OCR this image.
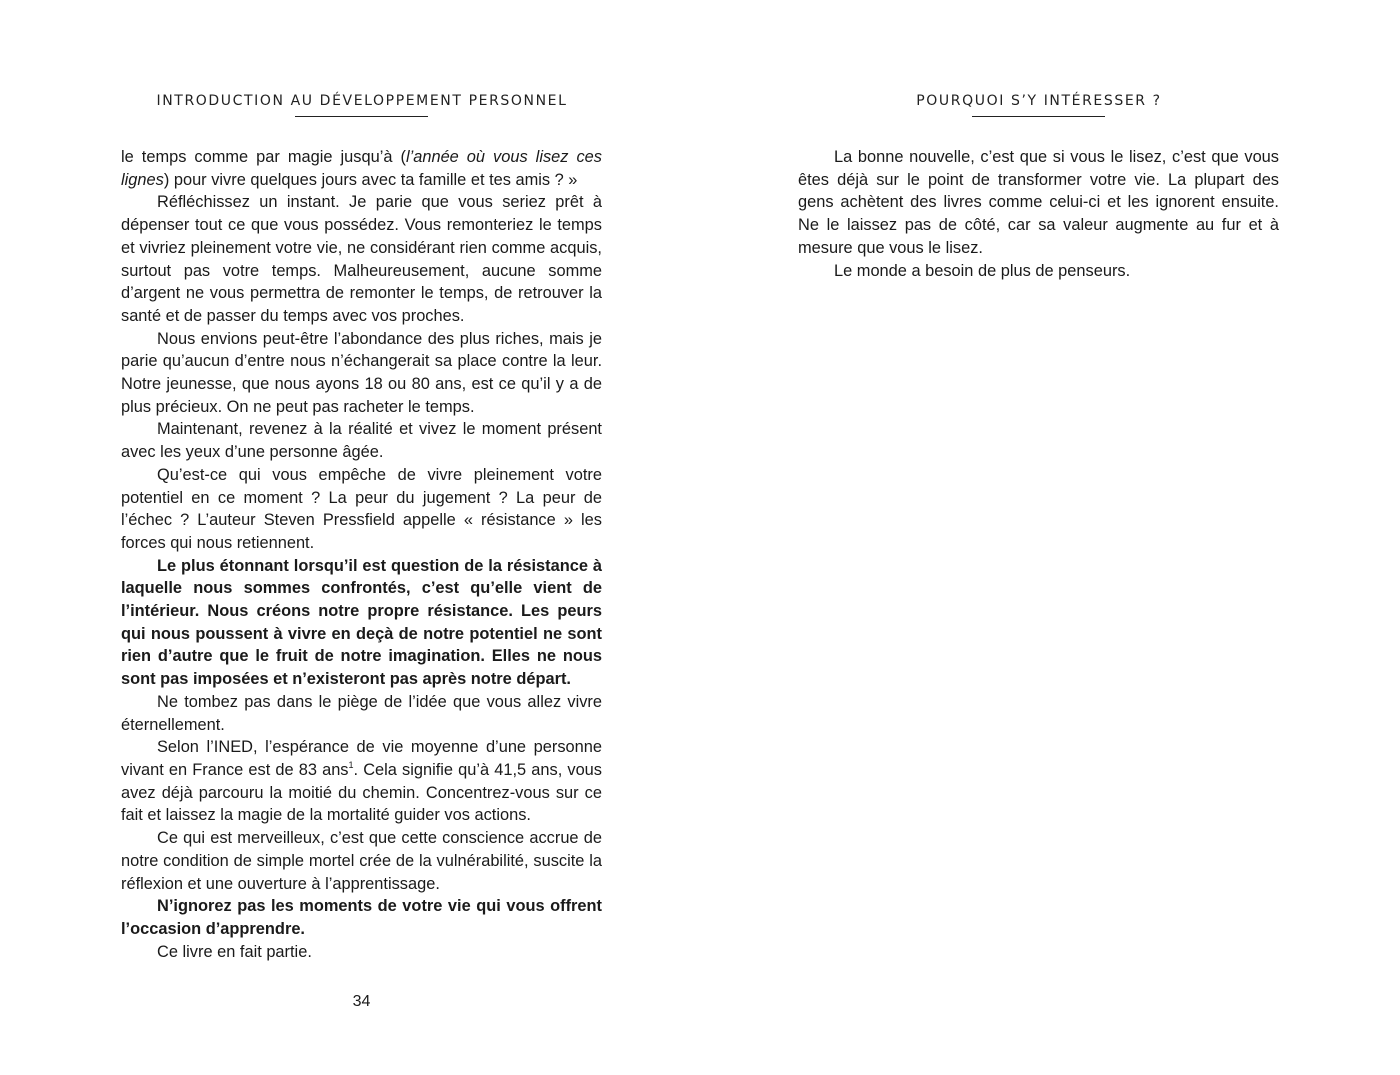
INTRODUCTION AU DÉVELOPPEMENT PERSONNEL

le temps comme par magie jusqu’à (l’année où vous lisez ces lignes) pour vivre quelques jours avec ta famille et tes amis ? »

Réfléchissez un instant. Je parie que vous seriez prêt à dépenser tout ce que vous possédez. Vous remonteriez le temps et vivriez pleinement votre vie, ne considérant rien comme acquis, surtout pas votre temps. Malheureusement, aucune somme d’argent ne vous permettra de remonter le temps, de retrouver la santé et de passer du temps avec vos proches.

Nous envions peut-être l’abondance des plus riches, mais je parie qu’aucun d’entre nous n’échangerait sa place contre la leur. Notre jeunesse, que nous ayons 18 ou 80 ans, est ce qu’il y a de plus précieux. On ne peut pas racheter le temps.

Maintenant, revenez à la réalité et vivez le moment présent avec les yeux d’une personne âgée.

Qu’est-ce qui vous empêche de vivre pleinement votre potentiel en ce moment ? La peur du jugement ? La peur de l’échec ? L’auteur Steven Pressfield appelle « résistance » les forces qui nous retiennent.

Le plus étonnant lorsqu’il est question de la résistance à laquelle nous sommes confrontés, c’est qu’elle vient de l’intérieur. Nous créons notre propre résistance. Les peurs qui nous poussent à vivre en deçà de notre potentiel ne sont rien d’autre que le fruit de notre imagination. Elles ne nous sont pas imposées et n’existeront pas après notre départ.

Ne tombez pas dans le piège de l’idée que vous allez vivre éternellement.

Selon l’INED, l’espérance de vie moyenne d’une personne vivant en France est de 83 ans$^1$. Cela signifie qu’à 41,5 ans, vous avez déjà parcouru la moitié du chemin. Concentrez-vous sur ce fait et laissez la magie de la mortalité guider vos actions.

Ce qui est merveilleux, c’est que cette conscience accrue de notre condition de simple mortel crée de la vulnérabilité, suscite la réflexion et une ouverture à l’apprentissage.

N’ignorez pas les moments de votre vie qui vous offrent l’occasion d’apprendre.

Ce livre en fait partie.

34
POURQUOI S’Y INTÉRESSER ?

La bonne nouvelle, c’est que si vous le lisez, c’est que vous êtes déjà sur le point de transformer votre vie. La plupart des gens achètent des livres comme celui-ci et les ignorent ensuite. Ne le laissez pas de côté, car sa valeur augmente au fur et à mesure que vous le lisez.

Le monde a besoin de plus de penseurs.
